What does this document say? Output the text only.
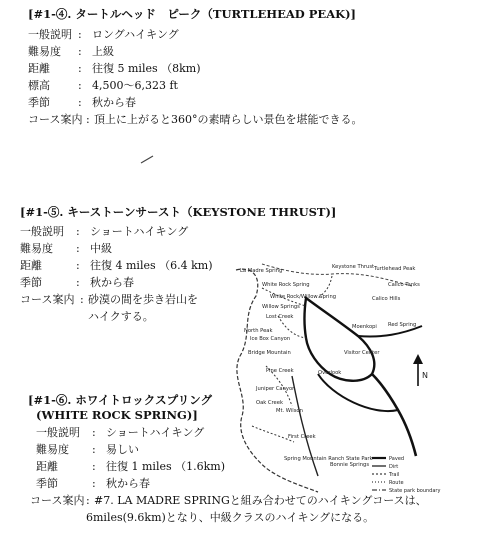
[#1-④. タートルヘッド　ピーク（TURTLEHEAD PEAK)]
一般説明 : ロングハイキング
難易度	: 上級
距離	: 往復 5 miles （8km)
標高	: 4,500〜6,323 ft
季節	: 秋から春
コース案内 : 頂上に上がると360°の素晴らしい景色を堪能できる。
[#1-⑤. キーストーンサースト（KEYSTONE THRUST)]
一般説明	: ショートハイキング
難易度	: 中級
距離	: 往復 4 miles （6.4 km)
季節	: 秋から春
コース案内 : 砂漠の間を歩き岩山を
ハイクする。
[#1-⑥. ホワイトロックスプリング
(WHITE ROCK SPRING)]
一般説明	: ショートハイキング
難易度	: 易しい
距離	: 往復 1 miles （1.6km)
季節	: 秋から春
コース案内 : #7. LA MADRE SPRINGと組み合わせてのハイキングコースは、
6miles(9.6km)となり、中級クラスのハイキングになる。
N
La Madre Spring
White Rock Spring
Keystone Thrust Turtlehead Peak
Calico Tanks
Willow Springs
White Rock/Willow Spring
Lost Creek
North Peak
Ice Box Canyon
Bridge Mountain
Pine Creek
Juniper Canyon
Oak Creek
Mt. Wilson
First Creek
Spring Mountain Ranch State Park
Overlook
Visitor Center
Red Spring
Moenkopi
Calico Hills
Bonnie Springs
Paved
Dirt
Trail
Route
State park boundary
